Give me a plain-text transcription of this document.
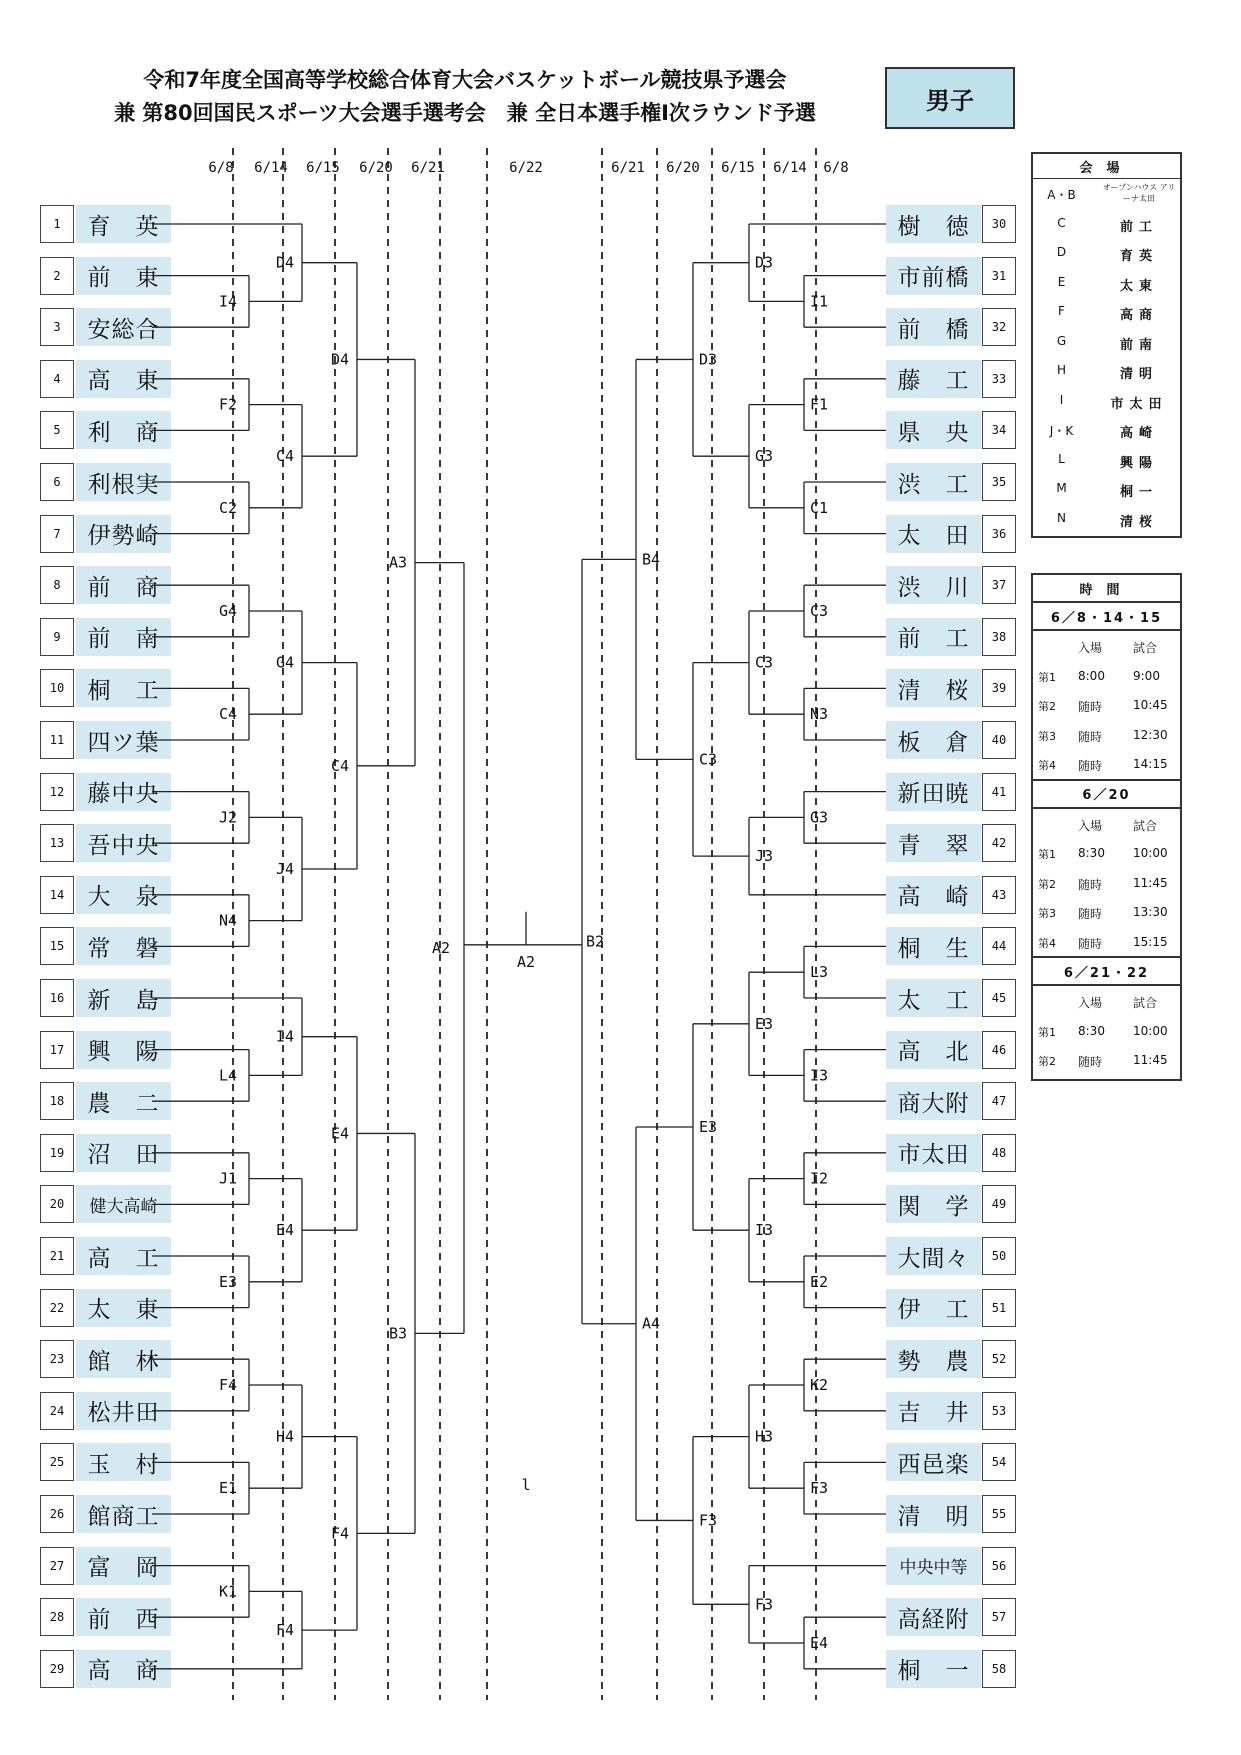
令和7年度全国高等学校総合体育大会バスケットボール競技県予選会
兼 第80回国民スポーツ大会選手選考会　兼 全日本選手権Ⅰ次ラウンド予選	男子
6/8 6/14 6/15 6/20 6/21	6/22	6/21 6/20 6/15 6/14 6/8
1	育　英
2	前　東
3	安総合
4	高　東
5	利　商
6	利根実
7	伊勢崎
8	前　商
9	前　南
10	桐　工
11	四ツ葉
12	藤中央
13	吾中央
14	大　泉
15	常　磐
16	新　島
17	興　陽
18	農　二
19	沼　田
20	健大高崎
21	高　工
22	太　東
23	館　林
24	松井田
25	玉　村
26	館商工
27	富　岡
28	前　西
29	高　商
樹　徳	30
市前橋	31
前　橋	32
藤　工	33
県　央	34
渋　工	35
太　田	36
渋　川	37
前　工	38
清　桜	39
板　倉	40
新田暁	41
青　翠	42
高　崎	43
桐　生	44
太　工	45
高　北	46
商大附	47
市太田	48
関　学	49
大間々	50
伊　工	51
勢　農	52
吉　井	53
西邑楽	54
清　明	55
中央中等	56
高経附	57
桐　一	58
I4
F2
C2
G4
C4
J2
N4
L4
J1
E3
F4
E1
K1
D4
C4
G4
J4
I4
E4
H4
F4
D4
C4
E4
F4
A3
B3
A2
I1
F1
C1
C3
N3
G3
L3
I3
I2
E2
K2
F3
E4
D3
G3
C3
J3
E3
I3
H3
F3
D3
C3
E3
F3
B4
A4
B2
A2
l
会場
A・B
オープンハウス アリーナ太田
C	前工
D	育英
E	太東
F	高商
G	前南
H	清明
I	市太田
J・K	高崎
L	興陽
M	桐一
N	清桜
時間
6／8・14・15
入場	試合
第1 8:00 9:00
第2 随時	10:45
第3 随時	12:30
第4 随時	14:15
6／20
入場	試合
第1 8:30 10:00
第2 随時	11:45
第3 随時	13:30
第4 随時	15:15
6／21・22
入場	試合
第1 8:30 10:00
第2 随時	11:45
